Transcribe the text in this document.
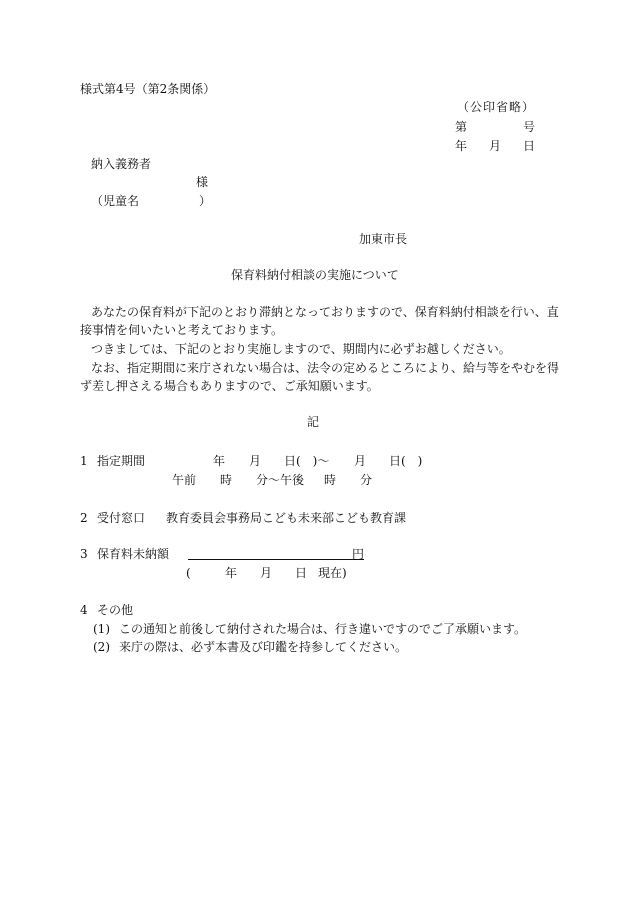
様式第4号（第2条関係）
（公印省略）
第	号
年 月 日
納入義務者
様
（児童名	）
加東市長
保育料納付相談の実施について
あなたの保育料が下記のとおり滞納となっておりますので、保育料納付相談を行い、直
接事情を伺いたいと考えております。
つきましては、下記のとおり実施しますので、期間内に必ずお越しください。
なお、指定期間に来庁されない場合は、法令の定めるところにより、給与等をやむを得
ず差し押さえる場合もありますので、ご承知願います。
記
1 指定期間	年 月 日(　)～ 月 日(　)
午前 時 分～午後 時 分
2 受付窓口 教育委員会事務局こども未来部こども教育課
3 保育料未納額	円
(	年 月 日 現在)
4 その他
(1) この通知と前後して納付された場合は、行き違いですのでご了承願います。
(2) 来庁の際は、必ず本書及び印鑑を持参してください。
